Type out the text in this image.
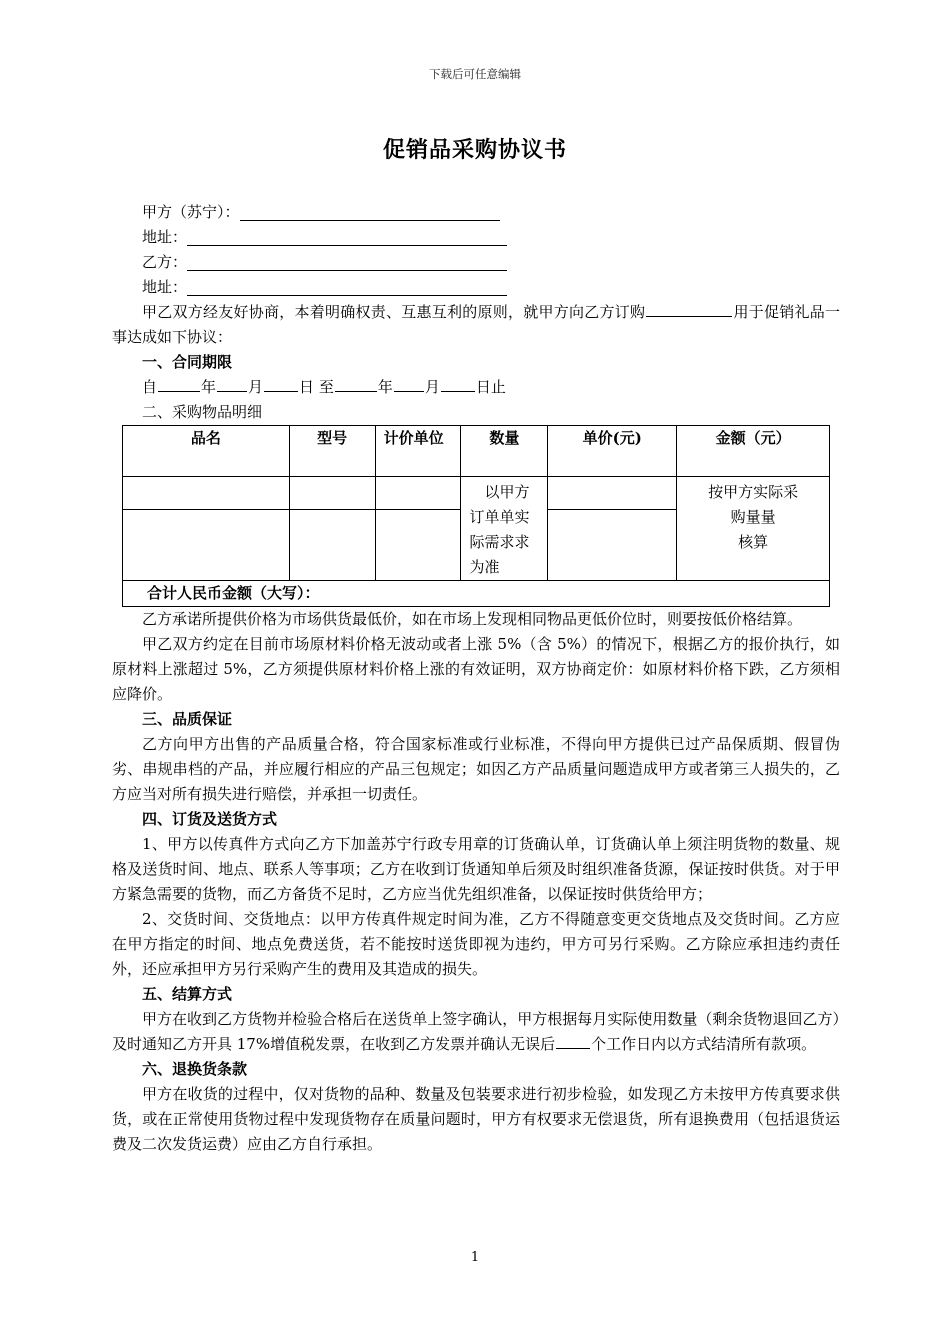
下载后可任意编辑
促销品采购协议书
甲方（苏宁）：
地址：
乙方：
地址：
甲乙双方经友好协商，本着明确权责、互惠互利的原则，就甲方向乙方订购	用于促销礼品一事达成如下协议：
一、合同期限
自	年 月 日 至	年 月 日止
二、采购物品明细
品名	型号	计价单位	数量	单价(元)	金额（元）

			以甲方订单单实际需求求为准		按甲方实际采购量量
核算

合计人民币金额（大写）：					
乙方承诺所提供价格为市场供货最低价，如在市场上发现相同物品更低价位时，则要按低价格结算。
甲乙双方约定在目前市场原材料价格无波动或者上涨 5%（含 5%）的情况下，根据乙方的报价执行，如原材料上涨超过 5%，乙方须提供原材料价格上涨的有效证明，双方协商定价：如原材料价格下跌，乙方须相应降价。
三、品质保证
乙方向甲方出售的产品质量合格，符合国家标准或行业标准，不得向甲方提供已过产品保质期、假冒伪劣、串规串档的产品，并应履行相应的产品三包规定；如因乙方产品质量问题造成甲方或者第三人损失的，乙方应当对所有损失进行赔偿，并承担一切责任。
四、订货及送货方式
1、甲方以传真件方式向乙方下加盖苏宁行政专用章的订货确认单，订货确认单上须注明货物的数量、规格及送货时间、地点、联系人等事项；乙方在收到订货通知单后须及时组织准备货源，保证按时供货。对于甲方紧急需要的货物，而乙方备货不足时，乙方应当优先组织准备，以保证按时供货给甲方；
2、交货时间、交货地点：以甲方传真件规定时间为准，乙方不得随意变更交货地点及交货时间。乙方应在甲方指定的时间、地点免费送货，若不能按时送货即视为违约，甲方可另行采购。乙方除应承担违约责任外，还应承担甲方另行采购产生的费用及其造成的损失。
五、结算方式
甲方在收到乙方货物并检验合格后在送货单上签字确认，甲方根据每月实际使用数量（剩余货物退回乙方）及时通知乙方开具 17%增值税发票，在收到乙方发票并确认无误后 个工作日内以方式结清所有款项。
六、退换货条款
甲方在收货的过程中，仅对货物的品种、数量及包装要求进行初步检验，如发现乙方未按甲方传真要求供货，或在正常使用货物过程中发现货物存在质量问题时，甲方有权要求无偿退货，所有退换费用（包括退货运费及二次发货运费）应由乙方自行承担。
1
